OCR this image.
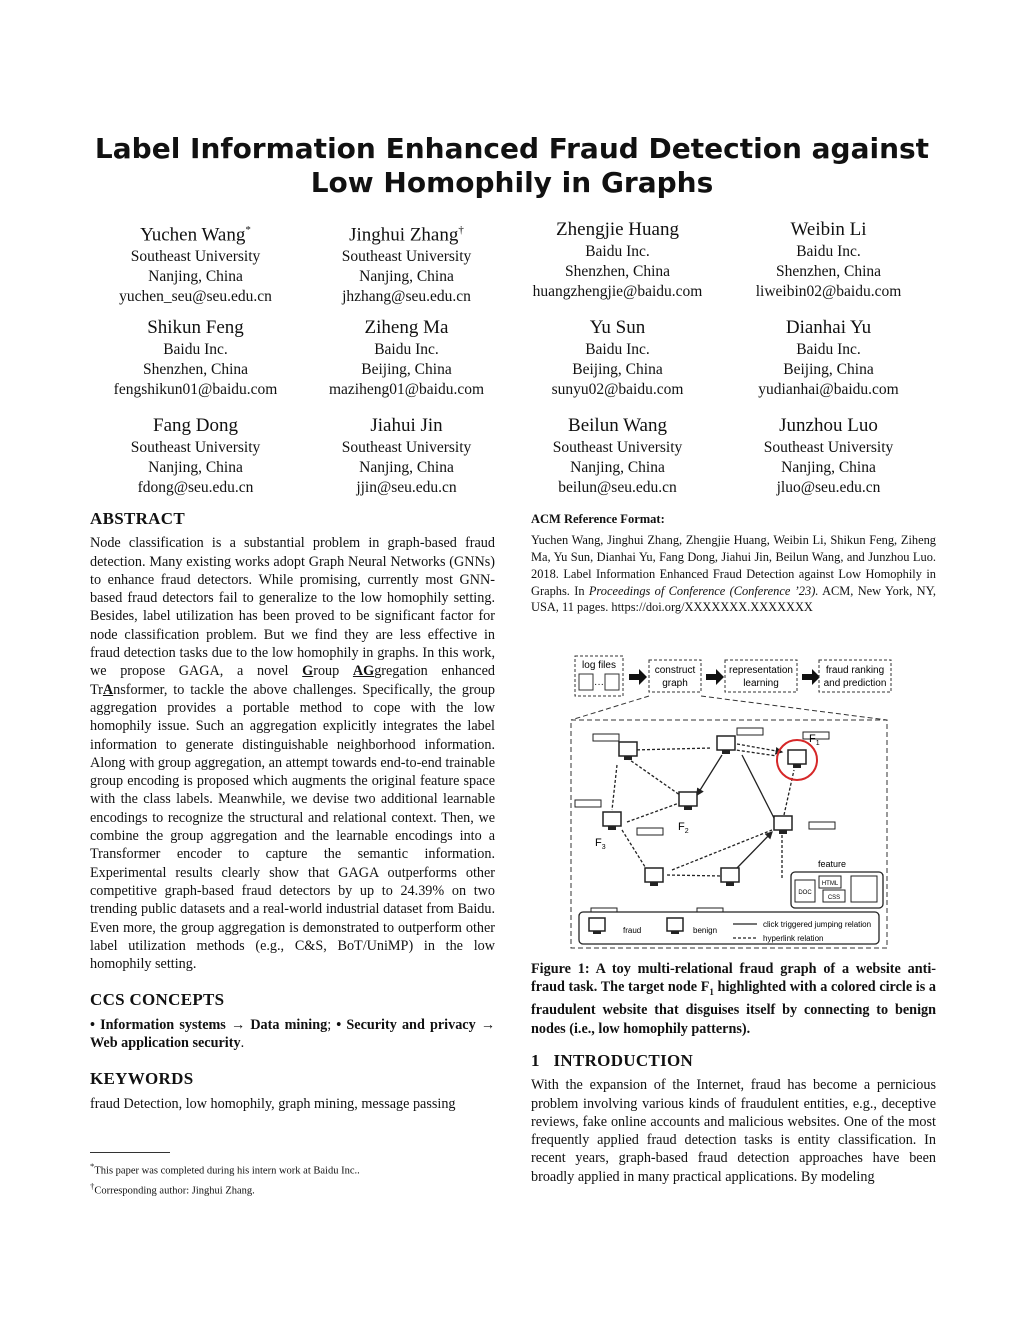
Label Information Enhanced Fraud Detection against Low Homophily in Graphs
Yuchen Wang*
Southeast University
Nanjing, China
yuchen_seu@seu.edu.cn
Jinghui Zhang†
Southeast University
Nanjing, China
jhzhang@seu.edu.cn
Zhengjie Huang
Baidu Inc.
Shenzhen, China
huangzhengjie@baidu.com
Weibin Li
Baidu Inc.
Shenzhen, China
liweibin02@baidu.com
Shikun Feng
Baidu Inc.
Shenzhen, China
fengshikun01@baidu.com
Ziheng Ma
Baidu Inc.
Beijing, China
maziheng01@baidu.com
Yu Sun
Baidu Inc.
Beijing, China
sunyu02@baidu.com
Dianhai Yu
Baidu Inc.
Beijing, China
yudianhai@baidu.com
Fang Dong
Southeast University
Nanjing, China
fdong@seu.edu.cn
Jiahui Jin
Southeast University
Nanjing, China
jjin@seu.edu.cn
Beilun Wang
Southeast University
Nanjing, China
beilun@seu.edu.cn
Junzhou Luo
Southeast University
Nanjing, China
jluo@seu.edu.cn
ABSTRACT

Node classification is a substantial problem in graph-based fraud detection. Many existing works adopt Graph Neural Networks (GNNs) to enhance fraud detectors. While promising, currently most GNN-based fraud detectors fail to generalize to the low homophily setting. Besides, label utilization has been proved to be significant factor for node classification problem. But we find they are less effective in fraud detection tasks due to the low homophily in graphs. In this work, we propose GAGA, a novel Group AGgregation enhanced TrAnsformer, to tackle the above challenges. Specifically, the group aggregation provides a portable method to cope with the low homophily issue. Such an aggregation explicitly integrates the label information to generate distinguishable neighborhood information. Along with group aggregation, an attempt towards end-to-end trainable group encoding is proposed which augments the original feature space with the class labels. Meanwhile, we devise two additional learnable encodings to recognize the structural and relational context. Then, we combine the group aggregation and the learnable encodings into a Transformer encoder to capture the semantic information. Experimental results clearly show that GAGA outperforms other competitive graph-based fraud detectors by up to 24.39% on two trending public datasets and a real-world industrial dataset from Baidu. Even more, the group aggregation is demonstrated to outperform other label utilization methods (e.g., C&S, BoT/UniMP) in the low homophily setting.

CCS CONCEPTS

• Information systems → Data mining; • Security and privacy → Web application security.

KEYWORDS

fraud Detection, low homophily, graph mining, message passing

*This paper was completed during his intern work at Baidu Inc..
†Corresponding author: Jinghui Zhang.
ACM Reference Format:

Yuchen Wang, Jinghui Zhang, Zhengjie Huang, Weibin Li, Shikun Feng, Ziheng Ma, Yu Sun, Dianhai Yu, Fang Dong, Jiahui Jin, Beilun Wang, and Junzhou Luo. 2018. Label Information Enhanced Fraud Detection against Low Homophily in Graphs. In Proceedings of Conference (Conference ’23). ACM, New York, NY, USA, 11 pages. https://doi.org/XXXXXXX.XXXXXXX

log files
···
construct
graph
representation
learning
fraud ranking
and prediction
$F_1$
$F_2$
$F_3$
feature
DOC
HTML
CSS
fraud	benign
click triggered jumping relation
hyperlink relation
Figure 1: A toy multi-relational fraud graph of a website anti-fraud task. The target node $F_1$ highlighted with a colored circle is a fraudulent website that disguises itself by connecting to benign nodes (i.e., low homophily patterns).
1 INTRODUCTION

With the expansion of the Internet, fraud has become a pernicious problem involving various kinds of fraudulent entities, e.g., deceptive reviews, fake online accounts and malicious websites. One of the most frequently applied fraud detection tasks is entity classification. In recent years, graph-based fraud detection approaches have been broadly applied in many practical applications. By modeling
